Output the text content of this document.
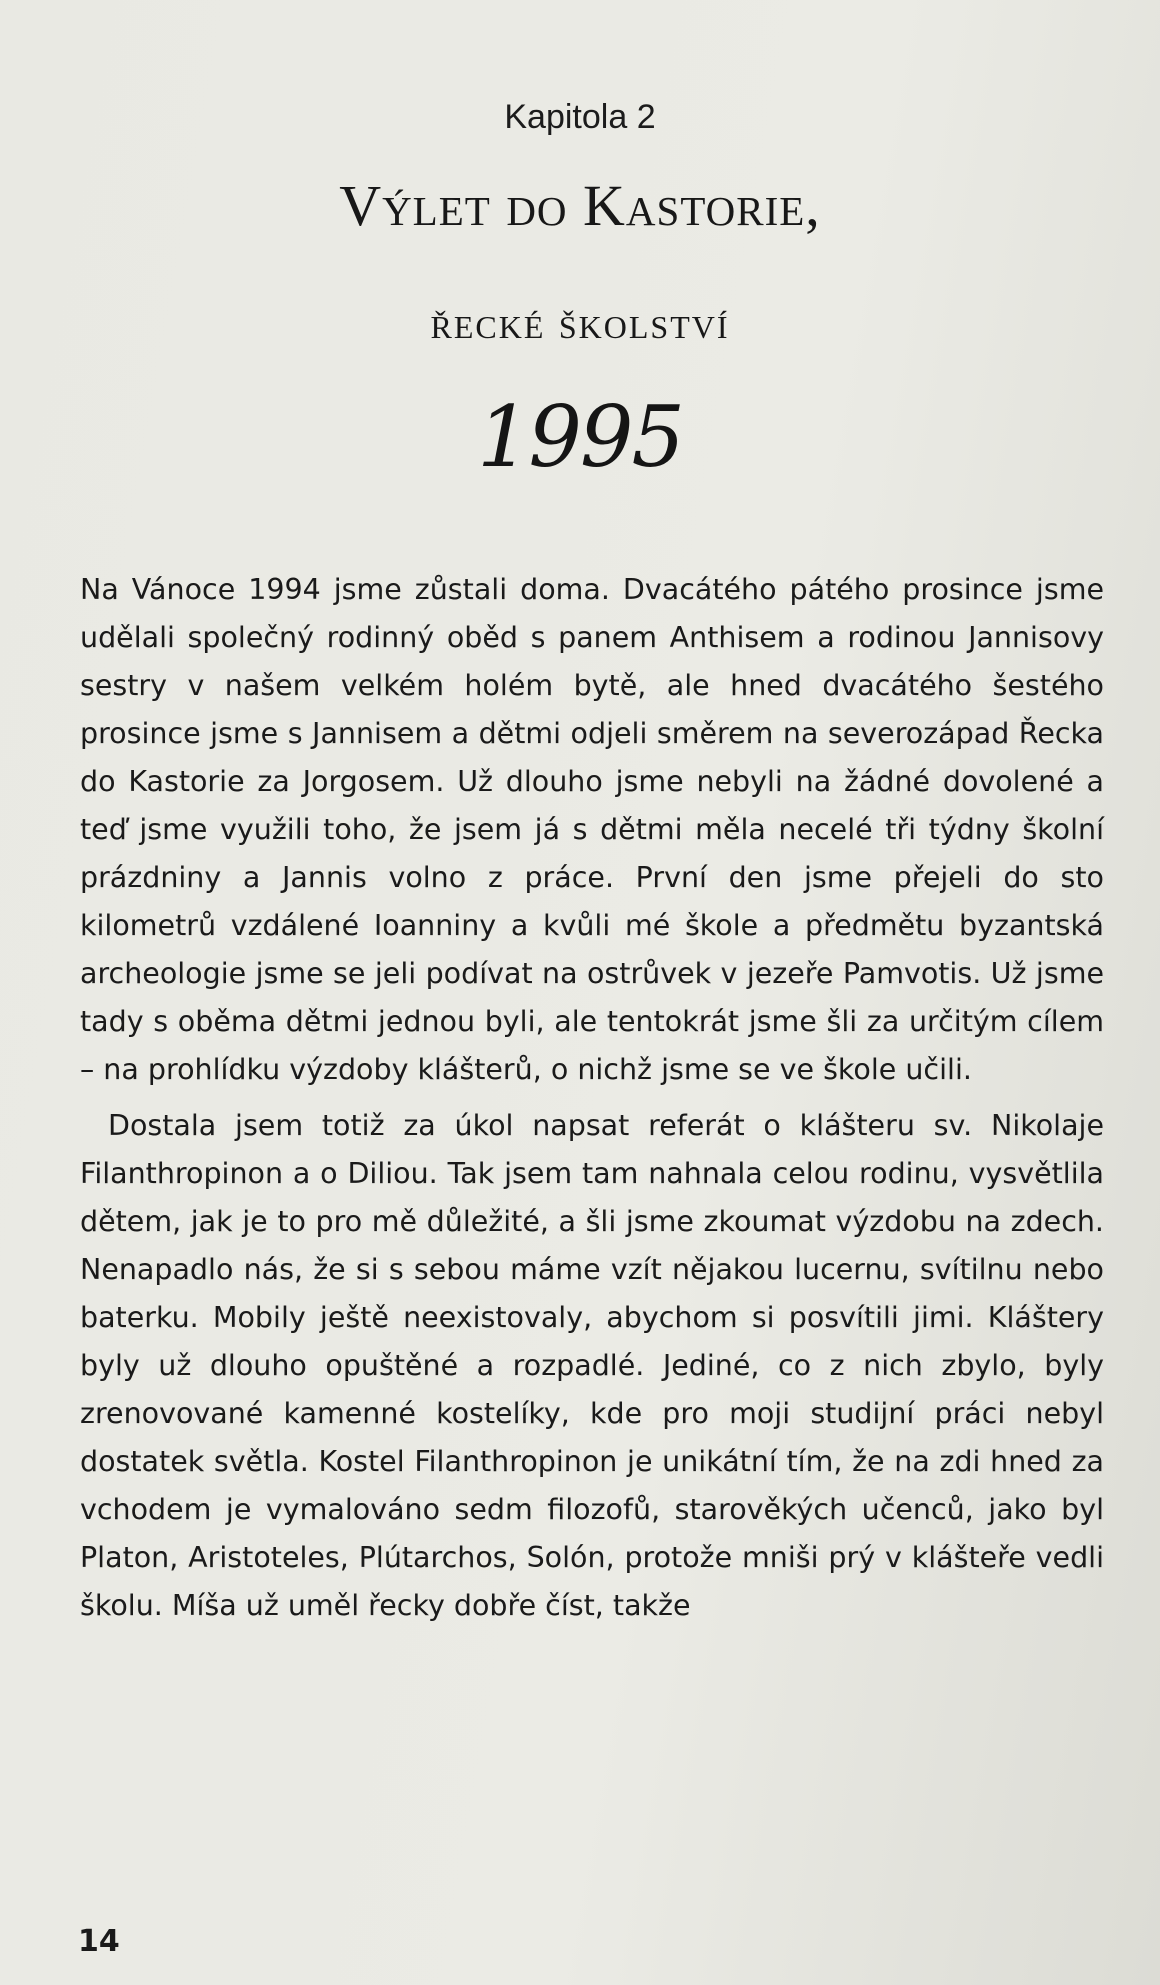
Kapitola 2
Výlet do Kastorie,
řecké školství
1995

Na Vánoce 1994 jsme zůstali doma. Dvacátého pátého prosince jsme udělali společný rodinný oběd s panem Anthisem a rodinou Jannisovy sestry v našem velkém holém bytě, ale hned dvacátého šestého prosince jsme s Jannisem a dětmi odjeli směrem na severozápad Řecka do Kastorie za Jorgosem. Už dlouho jsme nebyli na žádné dovolené a teď jsme využili toho, že jsem já s dětmi měla necelé tři týdny školní prázdniny a Jannis volno z práce. První den jsme přejeli do sto kilometrů vzdálené Ioanniny a kvůli mé škole a předmětu byzantská archeologie jsme se jeli podívat na ostrůvek v jezeře Pamvotis. Už jsme tady s oběma dětmi jednou byli, ale tentokrát jsme šli za určitým cílem – na prohlídku výzdoby klášterů, o nichž jsme se ve škole učili.

Dostala jsem totiž za úkol napsat referát o klášteru sv. Nikolaje Filanthropinon a o Diliou. Tak jsem tam nahnala celou rodinu, vysvětlila dětem, jak je to pro mě důležité, a šli jsme zkoumat výzdobu na zdech. Nenapadlo nás, že si s sebou máme vzít nějakou lucernu, svítilnu nebo baterku. Mobily ještě neexistovaly, abychom si posvítili jimi. Kláštery byly už dlouho opuštěné a rozpadlé. Jediné, co z nich zbylo, byly zrenovované kamenné kostelíky, kde pro moji studijní práci nebyl dostatek světla. Kostel Filanthropinon je unikátní tím, že na zdi hned za vchodem je vymalováno sedm filozofů, starověkých učenců, jako byl Platon, Aristoteles, Plútarchos, Solón, protože mniši prý v klášteře vedli školu. Míša už uměl řecky dobře číst, takže

14
